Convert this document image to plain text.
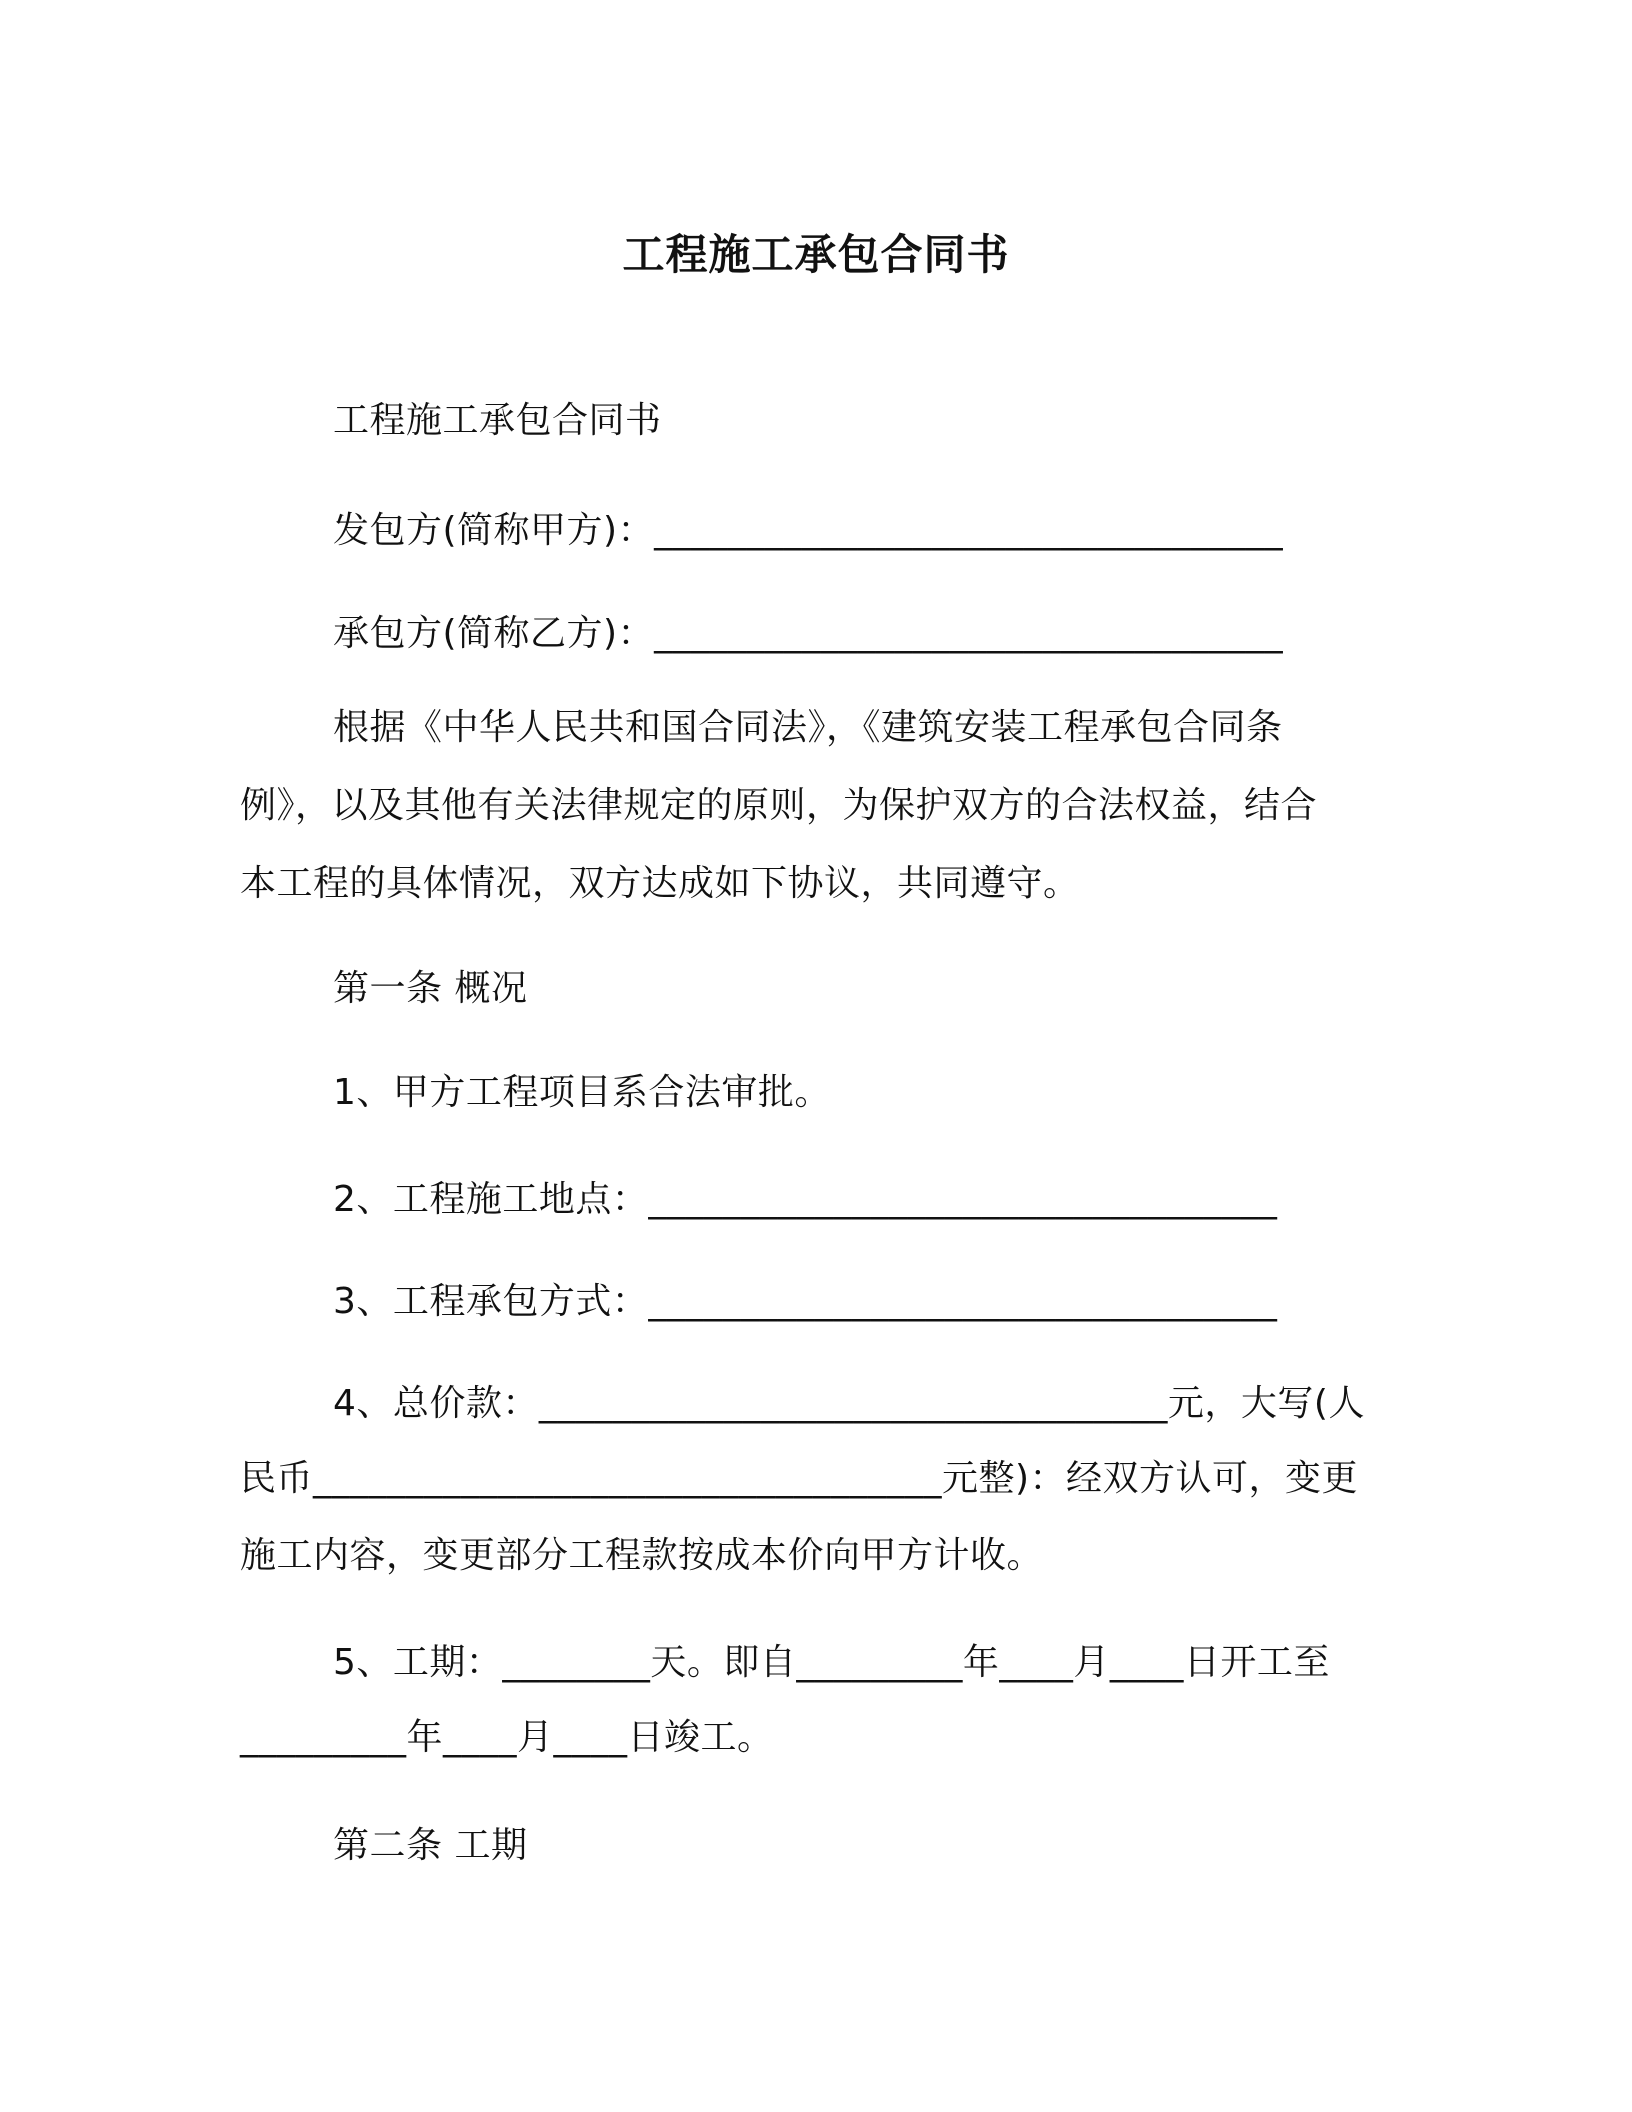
工程施工承包合同书
工程施工承包合同书
发包方(简称甲方)：__________________________________
承包方(简称乙方)：__________________________________
根据《中华人民共和国合同法》，《建筑安装工程承包合同条
例》，以及其他有关法律规定的原则，为保护双方的合法权益，结合
本工程的具体情况，双方达成如下协议，共同遵守。
第一条 概况
1、甲方工程项目系合法审批。
2、工程施工地点：__________________________________
3、工程承包方式：__________________________________
4、总价款：__________________________________元，大写(人
民币__________________________________元整)：经双方认可，变更
施工内容，变更部分工程款按成本价向甲方计收。
5、工期：________天。即自_________年____月____日开工至
_________年____月____日竣工。
第二条 工期
